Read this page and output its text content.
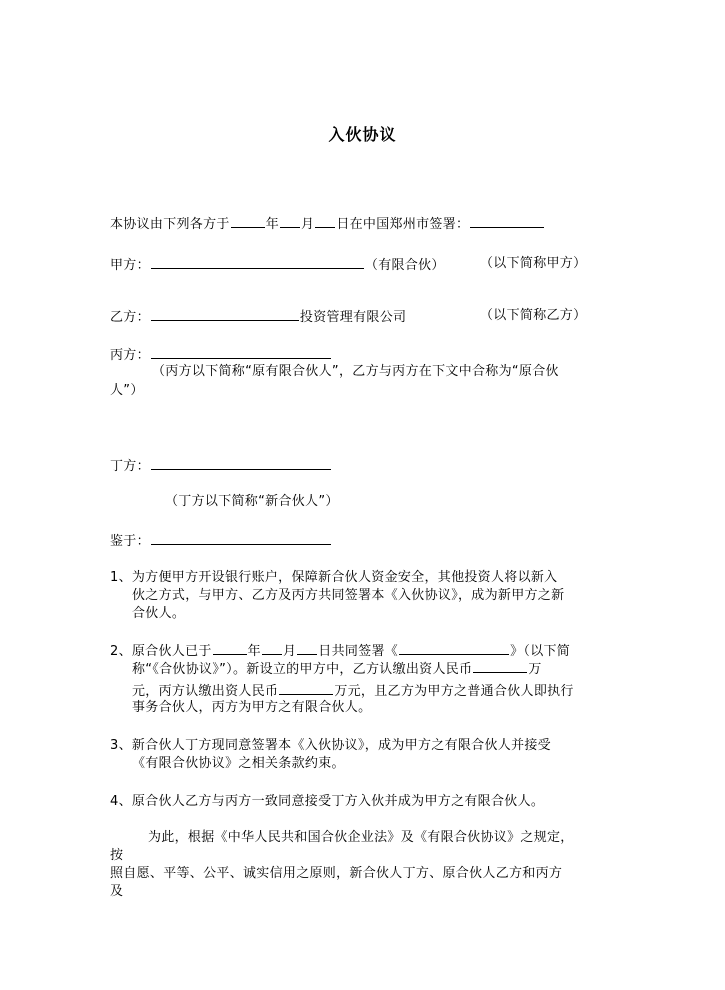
入伙协议
本协议由下列各方于	年 月 日在中国郑州市签署：
甲方：	（有限合伙）	（以下简称甲方）
乙方：	投资管理有限公司	（以下简称乙方）
丙方：
（丙方以下简称“原有限合伙人”，乙方与丙方在下文中合称为“原合伙
人”）
丁方：
（丁方以下简称“新合伙人”）
鉴于：
1、为方便甲方开设银行账户，保障新合伙人资金安全，其他投资人将以新入
伙之方式，与甲方、乙方及丙方共同签署本《入伙协议》，成为新甲方之新
合伙人。
2、原合伙人已于	年 月 日共同签署《	》（以下简
称“《合伙协议》”）。新设立的甲方中，乙方认缴出资人民币	万
元，丙方认缴出资人民币	万元，且乙方为甲方之普通合伙人即执行
事务合伙人，丙方为甲方之有限合伙人。
3、新合伙人丁方现同意签署本《入伙协议》，成为甲方之有限合伙人并接受
《有限合伙协议》之相关条款约束。
4、原合伙人乙方与丙方一致同意接受丁方入伙并成为甲方之有限合伙人。
为此，根据《中华人民共和国合伙企业法》及《有限合伙协议》之规定，
按
照自愿、平等、公平、诚实信用之原则，新合伙人丁方、原合伙人乙方和丙方
及
